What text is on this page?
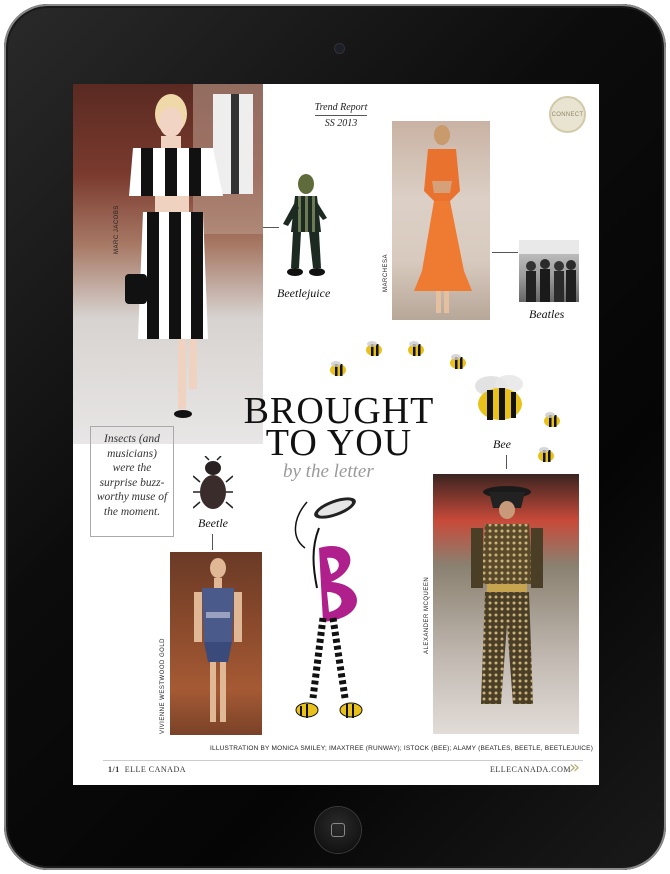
MARC JACOBS
Beetlejuice
Trend Report
SS 2013
MARCHESA
CONNECT
Beatles
Bee
BROUGHT
TO YOU
by the letter
Insects (and musicians) were the surprise buzz-worthy muse of the moment.
Beetle
VIVIENNE WESTWOOD GOLD
ALEXANDER MCQUEEN
ILLUSTRATION BY MONICA SMILEY; IMAXTREE (RUNWAY); ISTOCK (BEE); ALAMY (BEATLES, BEETLE, BEETLEJUICE)
1/1 ELLE CANADA	ELLECANADA.COM
»
